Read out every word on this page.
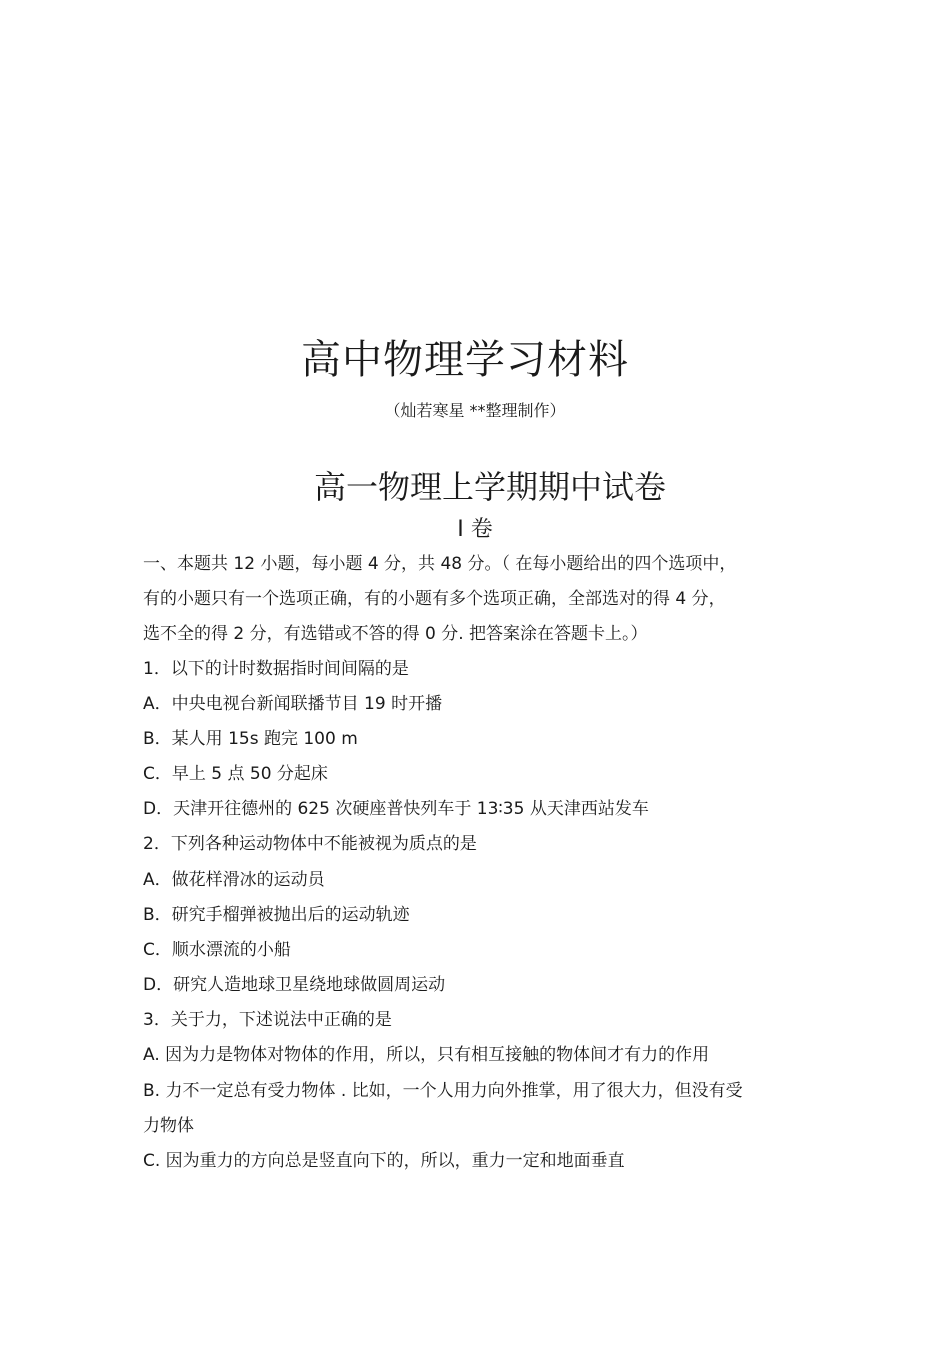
高中物理学习材料
（灿若寒星 **整理制作）
高一物理上学期期中试卷
Ⅰ 卷
一、本题共 12 小题，每小题 4 分，共 48 分。（ 在每小题给出的四个选项中，
有的小题只有一个选项正确，有的小题有多个选项正确，全部选对的得 4 分，
选不全的得 2 分，有选错或不答的得 0 分. 把答案涂在答题卡上。）
1．以下的计时数据指时间间隔的是
A．中央电视台新闻联播节目 19 时开播
B．某人用 15s 跑完 100 m
C．早上 5 点 50 分起床
D．天津开往德州的 625 次硬座普快列车于 13∶35 从天津西站发车
2．下列各种运动物体中不能被视为质点的是
A．做花样滑冰的运动员
B．研究手榴弹被抛出后的运动轨迹
C．顺水漂流的小船
D．研究人造地球卫星绕地球做圆周运动
3．关于力，下述说法中正确的是
A. 因为力是物体对物体的作用，所以，只有相互接触的物体间才有力的作用
B. 力不一定总有受力物体 . 比如，一个人用力向外推掌，用了很大力，但没有受
力物体
C. 因为重力的方向总是竖直向下的，所以，重力一定和地面垂直
